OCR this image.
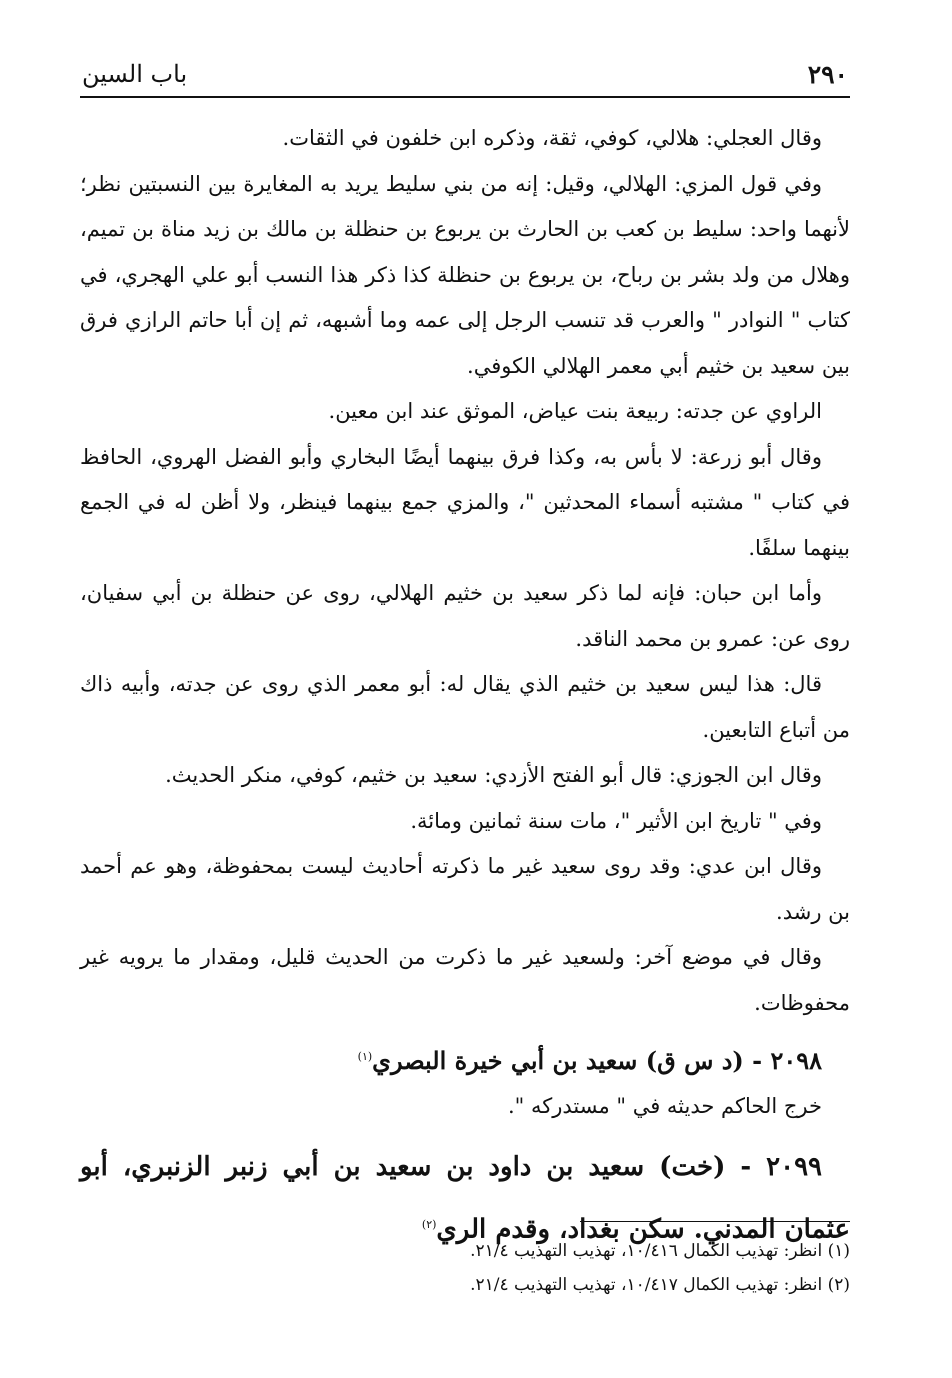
٢٩٠
باب السين

وقال العجلي: هلالي، كوفي، ثقة، وذكره ابن خلفون في الثقات.

وفي قول المزي: الهلالي، وقيل: إنه من بني سليط يريد به المغايرة بين النسبتين نظر؛ لأنهما واحد: سليط بن كعب بن الحارث بن يربوع بن حنظلة بن مالك بن زيد مناة بن تميم، وهلال من ولد بشر بن رباح، بن يربوع بن حنظلة كذا ذكر هذا النسب أبو علي الهجري، في كتاب " النوادر " والعرب قد تنسب الرجل إلى عمه وما أشبهه، ثم إن أبا حاتم الرازي فرق بين سعيد بن خثيم أبي معمر الهلالي الكوفي.

الراوي عن جدته: ربيعة بنت عياض، الموثق عند ابن معين.

وقال أبو زرعة: لا بأس به، وكذا فرق بينهما أيضًا البخاري وأبو الفضل الهروي، الحافظ في كتاب " مشتبه أسماء المحدثين "، والمزي جمع بينهما فينظر، ولا أظن له في الجمع بينهما سلفًا.

وأما ابن حبان: فإنه لما ذكر سعيد بن خثيم الهلالي، روى عن حنظلة بن أبي سفيان، روى عن: عمرو بن محمد الناقد.

قال: هذا ليس سعيد بن خثيم الذي يقال له: أبو معمر الذي روى عن جدته، وأبيه ذاك من أتباع التابعين.

وقال ابن الجوزي: قال أبو الفتح الأزدي: سعيد بن خثيم، كوفي، منكر الحديث.

وفي " تاريخ ابن الأثير "، مات سنة ثمانين ومائة.

وقال ابن عدي: وقد روى سعيد غير ما ذكرته أحاديث ليست بمحفوظة، وهو عم أحمد بن رشد.

وقال في موضع آخر: ولسعيد غير ما ذكرت من الحديث قليل، ومقدار ما يرويه غير محفوظات.

٢٠٩٨ - (د س ق) سعيد بن أبي خيرة البصري$^{(١)}$

خرج الحاكم حديثه في " مستدركه ".

٢٠٩٩ - (خت) سعيد بن داود بن سعيد بن أبي زنبر الزنبري، أبو عثمان المدني. سكن بغداد، وقدم الري$^{(٢)}$

(١) انظر: تهذيب الكمال ١٠/٤١٦، تهذيب التهذيب ٢١/٤.

(٢) انظر: تهذيب الكمال ١٠/٤١٧، تهذيب التهذيب ٢١/٤.
